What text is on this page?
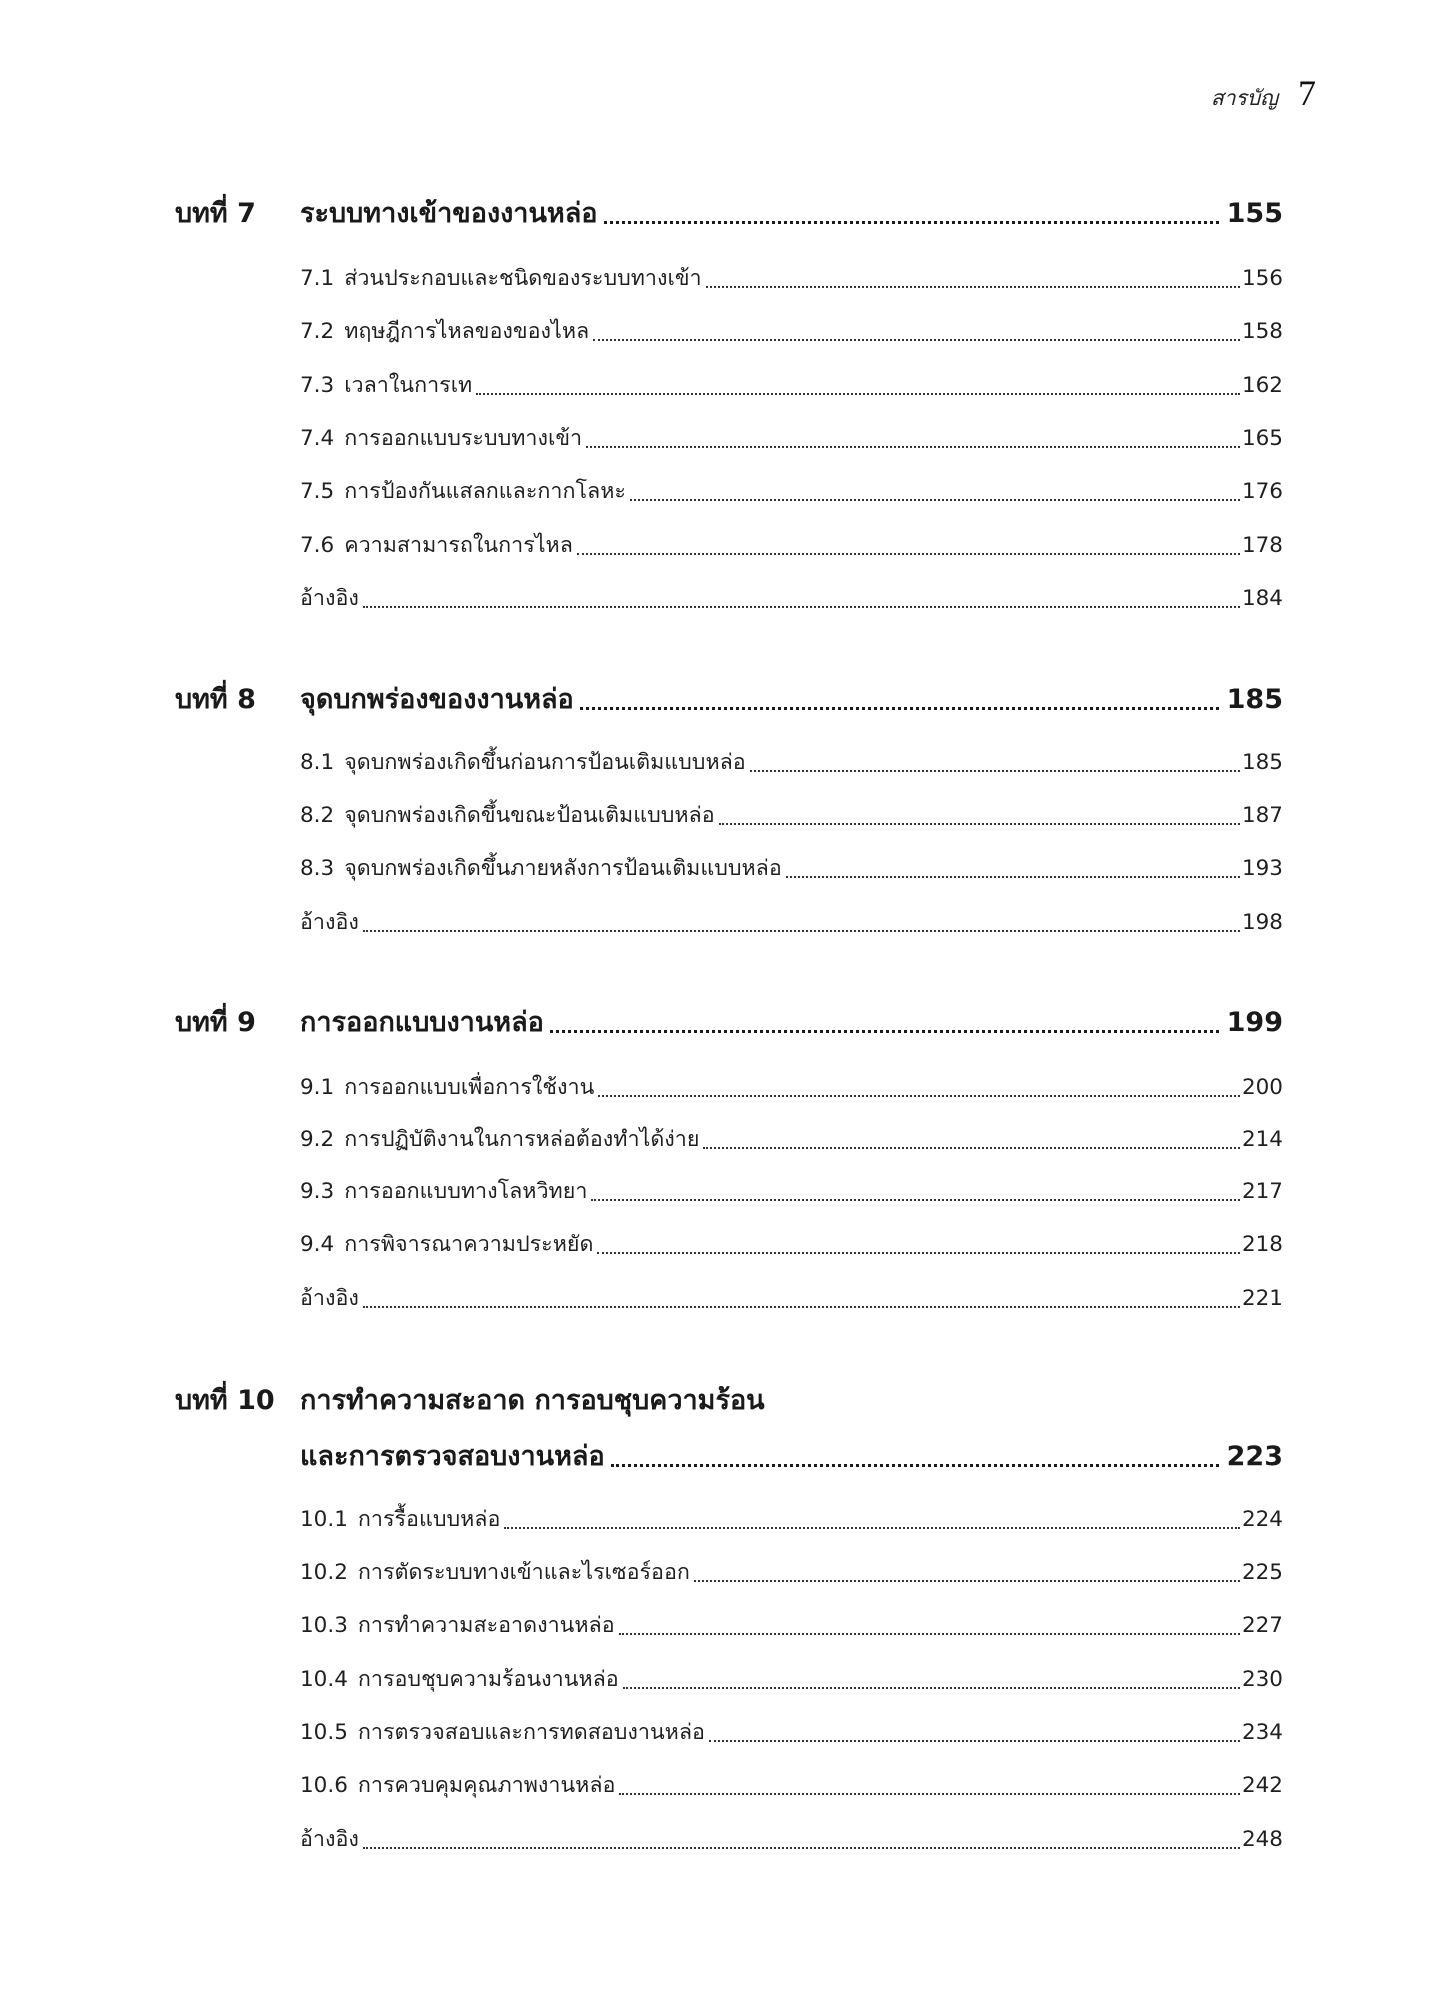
สารบัญ 7
บทที่ 7	ระบบทางเข้าของงานหล่อ	155
7.1 ส่วนประกอบและชนิดของระบบทางเข้า	156
7.2 ทฤษฎีการไหลของของไหล	158
7.3 เวลาในการเท	162
7.4 การออกแบบระบบทางเข้า	165
7.5 การป้องกันแสลกและกากโลหะ	176
7.6 ความสามารถในการไหล	178
อ้างอิง	184
บทที่ 8	จุดบกพร่องของงานหล่อ	185
8.1 จุดบกพร่องเกิดขึ้นก่อนการป้อนเติมแบบหล่อ	185
8.2 จุดบกพร่องเกิดขึ้นขณะป้อนเติมแบบหล่อ	187
8.3 จุดบกพร่องเกิดขึ้นภายหลังการป้อนเติมแบบหล่อ	193
อ้างอิง	198
บทที่ 9	การออกแบบงานหล่อ	199
9.1 การออกแบบเพื่อการใช้งาน	200
9.2 การปฏิบัติงานในการหล่อต้องทำได้ง่าย	214
9.3 การออกแบบทางโลหวิทยา	217
9.4 การพิจารณาความประหยัด	218
อ้างอิง	221
บทที่ 10 การทำความสะอาด การอบชุบความร้อน
และการตรวจสอบงานหล่อ	223
10.1 การรื้อแบบหล่อ	224
10.2 การตัดระบบทางเข้าและไรเซอร์ออก	225
10.3 การทำความสะอาดงานหล่อ	227
10.4 การอบชุบความร้อนงานหล่อ	230
10.5 การตรวจสอบและการทดสอบงานหล่อ	234
10.6 การควบคุมคุณภาพงานหล่อ	242
อ้างอิง	248
